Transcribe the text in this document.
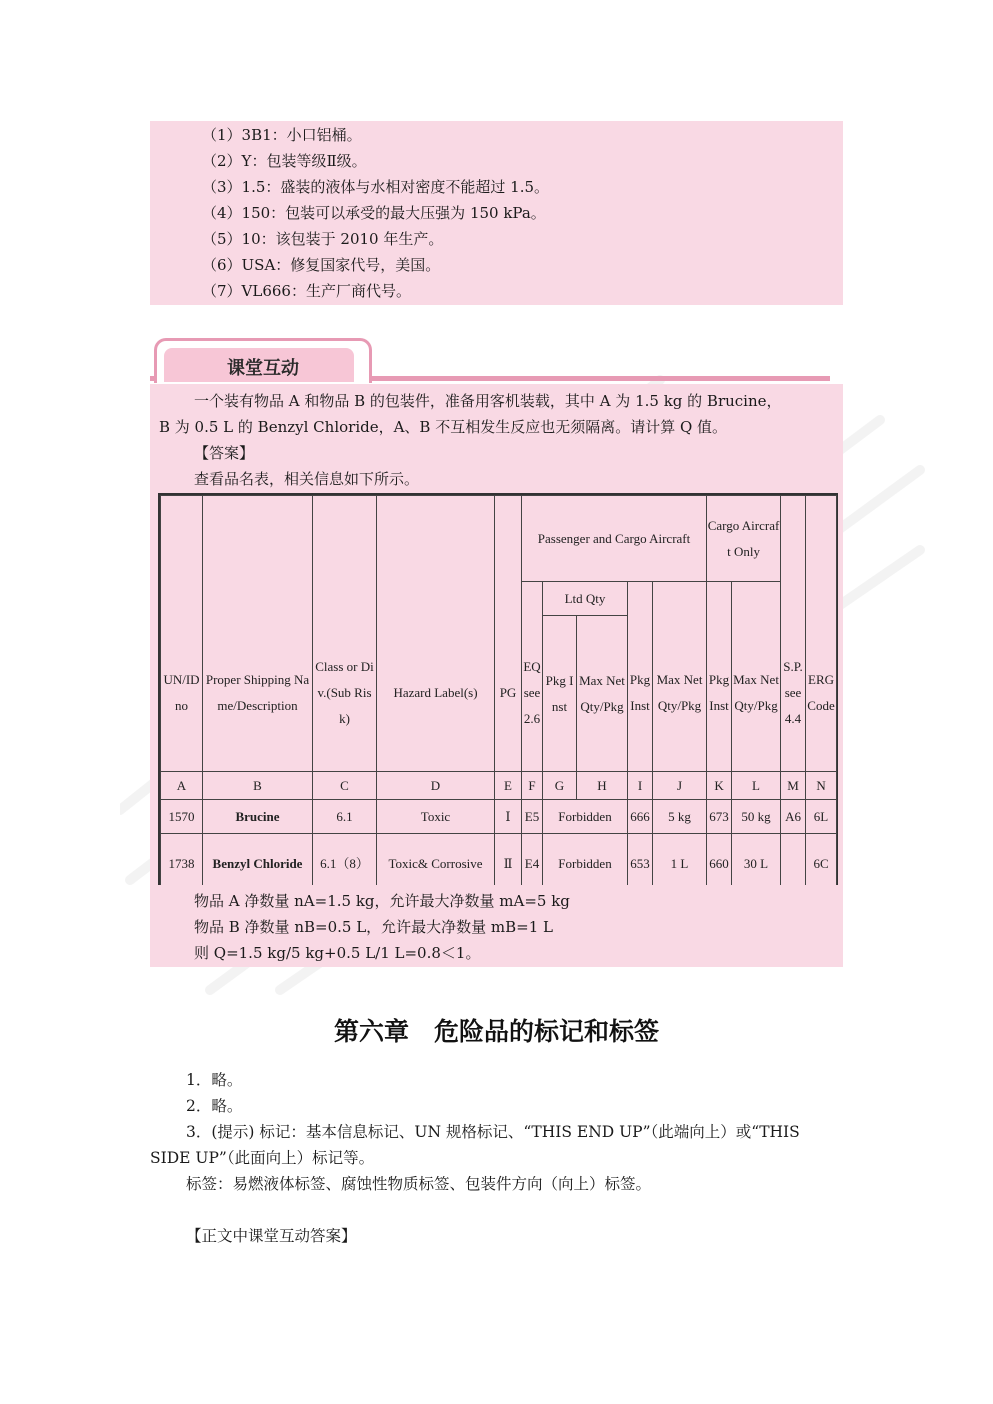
（1）3B1：小口铝桶。
（2）Y：包装等级Ⅱ级。
（3）1.5：盛装的液体与水相对密度不能超过 1.5。
（4）150：包装可以承受的最大压强为 150 kPa。
（5）10：该包装于 2010 年生产。
（6）USA：修复国家代号，美国。
（7）VL666：生产厂商代号。
课堂互动
一个装有物品 A 和物品 B 的包装件，准备用客机装载，其中 A 为 1.5 kg 的 Brucine，
B 为 0.5 L 的 Benzyl Chloride，A、B 不互相发生反应也无须隔离。请计算 Q 值。
【答案】
查看品名表，相关信息如下所示。
					Passenger and Cargo Aircraft					Cargo Aircraft Only			
						Ltd Qty							
UN/ID no	Proper Shipping Name/Description	Class or Div.(Sub Risk)	Hazard Label(s)	PG	EQ see 2.6	Pkg Inst	Max Net Qty/Pkg	Pkg Inst	Max Net Qty/Pkg	Pkg Inst	Max Net Qty/Pkg	S.P. see 4.4	ERG Code
A	B	C	D	E	F	G	H	I	J	K	L	M	N
1570	Brucine	6.1	Toxic	Ⅰ	E5	Forbidden		666	5 kg	673	50 kg	A6	6L
1738	Benzyl Chloride	6.1（8）	Toxic& Corrosive	Ⅱ	E4	Forbidden		653	1 L	660	30 L		6C
物品 A 净数量 nA=1.5 kg，允许最大净数量 mA=5 kg
物品 B 净数量 nB=0.5 L，允许最大净数量 mB=1 L
则 Q=1.5 kg/5 kg+0.5 L/1 L=0.8＜1。
第六章　危险品的标记和标签
1．略。
2．略。
3．(提示) 标记：基本信息标记、UN 规格标记、“THIS END UP”（此端向上）或“THIS
SIDE UP”（此面向上）标记等。
标签：易燃液体标签、腐蚀性物质标签、包装件方向（向上）标签。
【正文中课堂互动答案】
